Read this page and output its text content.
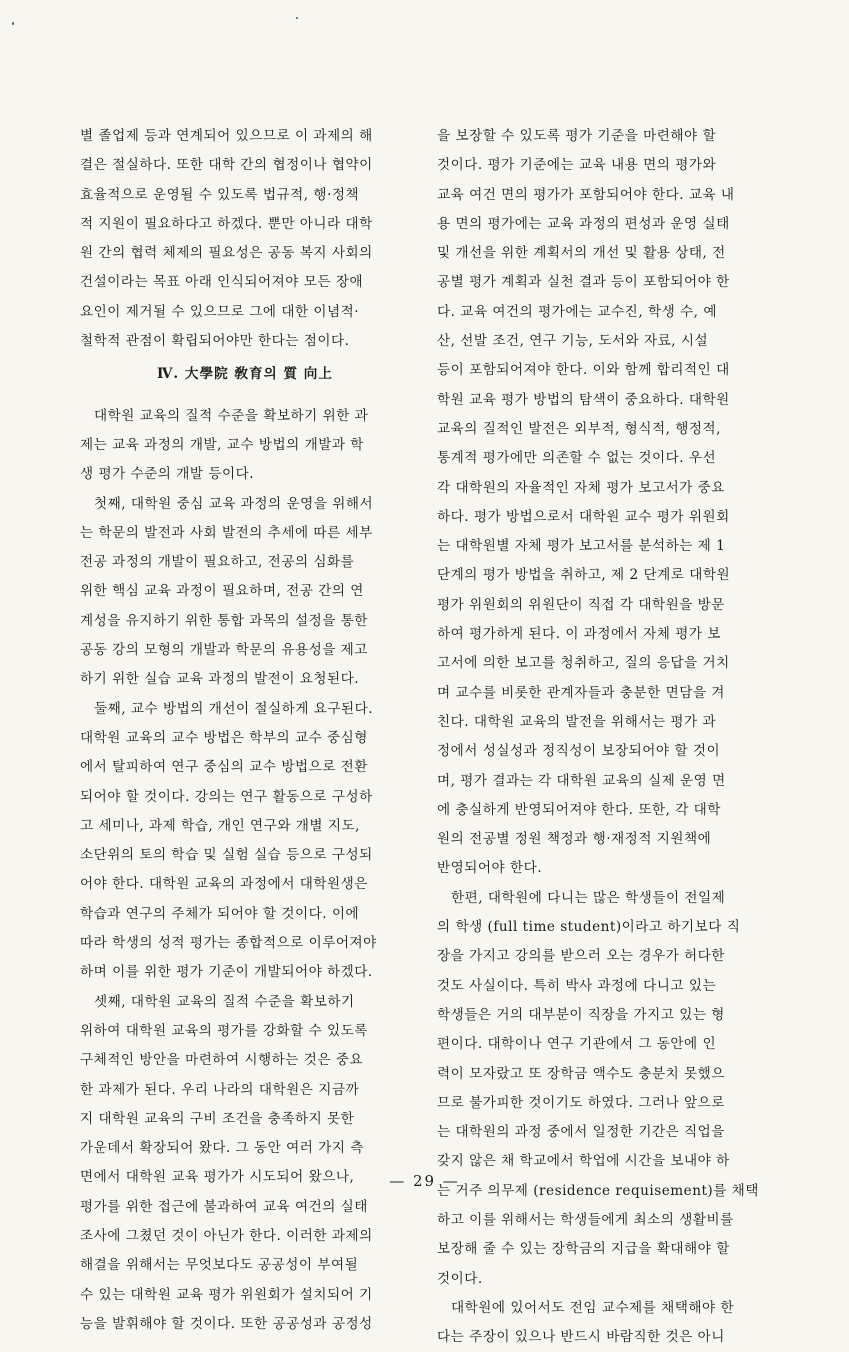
별 졸업제 등과 연계되어 있으므로 이 과제의 해
결은 절실하다. 또한 대학 간의 협정이나 협약이
효율적으로 운영될 수 있도록 법규적, 행·정책
적 지원이 필요하다고 하겠다. 뿐만 아니라 대학
원 간의 협력 체제의 필요성은 공동 복지 사회의
건설이라는 목표 아래 인식되어져야 모든 장애
요인이 제거될 수 있으므로 그에 대한 이념적·
철학적 관점이 확립되어야만 한다는 점이다.
Ⅳ. 大學院 敎育의 質 向上
대학원 교육의 질적 수준을 확보하기 위한 과
제는 교육 과정의 개발, 교수 방법의 개발과 학
생 평가 수준의 개발 등이다.
첫째, 대학원 중심 교육 과정의 운영을 위해서
는 학문의 발전과 사회 발전의 추세에 따른 세부
전공 과정의 개발이 필요하고, 전공의 심화를
위한 핵심 교육 과정이 필요하며, 전공 간의 연
계성을 유지하기 위한 통합 과목의 설정을 통한
공동 강의 모형의 개발과 학문의 유용성을 제고
하기 위한 실습 교육 과정의 발전이 요청된다.
둘째, 교수 방법의 개선이 절실하게 요구된다.
대학원 교육의 교수 방법은 학부의 교수 중심형
에서 탈피하여 연구 중심의 교수 방법으로 전환
되어야 할 것이다. 강의는 연구 활동으로 구성하
고 세미나, 과제 학습, 개인 연구와 개별 지도,
소단위의 토의 학습 및 실험 실습 등으로 구성되
어야 한다. 대학원 교육의 과정에서 대학원생은
학습과 연구의 주체가 되어야 할 것이다. 이에
따라 학생의 성적 평가는 종합적으로 이루어져야
하며 이를 위한 평가 기준이 개발되어야 하겠다.
셋째, 대학원 교육의 질적 수준을 확보하기
위하여 대학원 교육의 평가를 강화할 수 있도록
구체적인 방안을 마련하여 시행하는 것은 중요
한 과제가 된다. 우리 나라의 대학원은 지금까
지 대학원 교육의 구비 조건을 충족하지 못한
가운데서 확장되어 왔다. 그 동안 여러 가지 측
면에서 대학원 교육 평가가 시도되어 왔으나,
평가를 위한 접근에 불과하여 교육 여건의 실태
조사에 그쳤던 것이 아닌가 한다. 이러한 과제의
해결을 위해서는 무엇보다도 공공성이 부여될
수 있는 대학원 교육 평가 위원회가 설치되어 기
능을 발휘해야 할 것이다. 또한 공공성과 공정성
을 보장할 수 있도록 평가 기준을 마련해야 할
것이다. 평가 기준에는 교육 내용 면의 평가와
교육 여건 면의 평가가 포함되어야 한다. 교육 내
용 면의 평가에는 교육 과정의 편성과 운영 실태
및 개선을 위한 계획서의 개선 및 활용 상태, 전
공별 평가 계획과 실천 결과 등이 포함되어야 한
다. 교육 여건의 평가에는 교수진, 학생 수, 예
산, 선발 조건, 연구 기능, 도서와 자료, 시설
등이 포함되어져야 한다. 이와 함께 합리적인 대
학원 교육 평가 방법의 탐색이 중요하다. 대학원
교육의 질적인 발전은 외부적, 형식적, 행정적,
통계적 평가에만 의존할 수 없는 것이다. 우선
각 대학원의 자율적인 자체 평가 보고서가 중요
하다. 평가 방법으로서 대학원 교수 평가 위원회
는 대학원별 자체 평가 보고서를 분석하는 제 1
단계의 평가 방법을 취하고, 제 2 단계로 대학원
평가 위원회의 위원단이 직접 각 대학원을 방문
하여 평가하게 된다. 이 과정에서 자체 평가 보
고서에 의한 보고를 청취하고, 질의 응답을 거치
며 교수를 비롯한 관계자들과 충분한 면담을 겨
친다. 대학원 교육의 발전을 위해서는 평가 과
정에서 성실성과 정직성이 보장되어야 할 것이
며, 평가 결과는 각 대학원 교육의 실제 운영 면
에 충실하게 반영되어져야 한다. 또한, 각 대학
원의 전공별 정원 책정과 행·재정적 지원책에
반영되어야 한다.
한편, 대학원에 다니는 많은 학생들이 전일제
의 학생 (full time student)이라고 하기보다 직
장을 가지고 강의를 받으러 오는 경우가 허다한
것도 사실이다. 특히 박사 과정에 다니고 있는
학생들은 거의 대부분이 직장을 가지고 있는 형
편이다. 대학이나 연구 기관에서 그 동안에 인
력이 모자랐고 또 장학금 액수도 충분치 못했으
므로 불가피한 것이기도 하였다. 그러나 앞으로
는 대학원의 과정 중에서 일정한 기간은 직업을
갖지 않은 채 학교에서 학업에 시간을 보내야 하
는 거주 의무제 (residence requisement)를 채택
하고 이를 위해서는 학생들에게 최소의 생활비를
보장해 줄 수 있는 장학금의 지급을 확대해야 할
것이다.
대학원에 있어서도 전임 교수제를 채택해야 한
다는 주장이 있으나 반드시 바람직한 것은 아니
— 29 —
